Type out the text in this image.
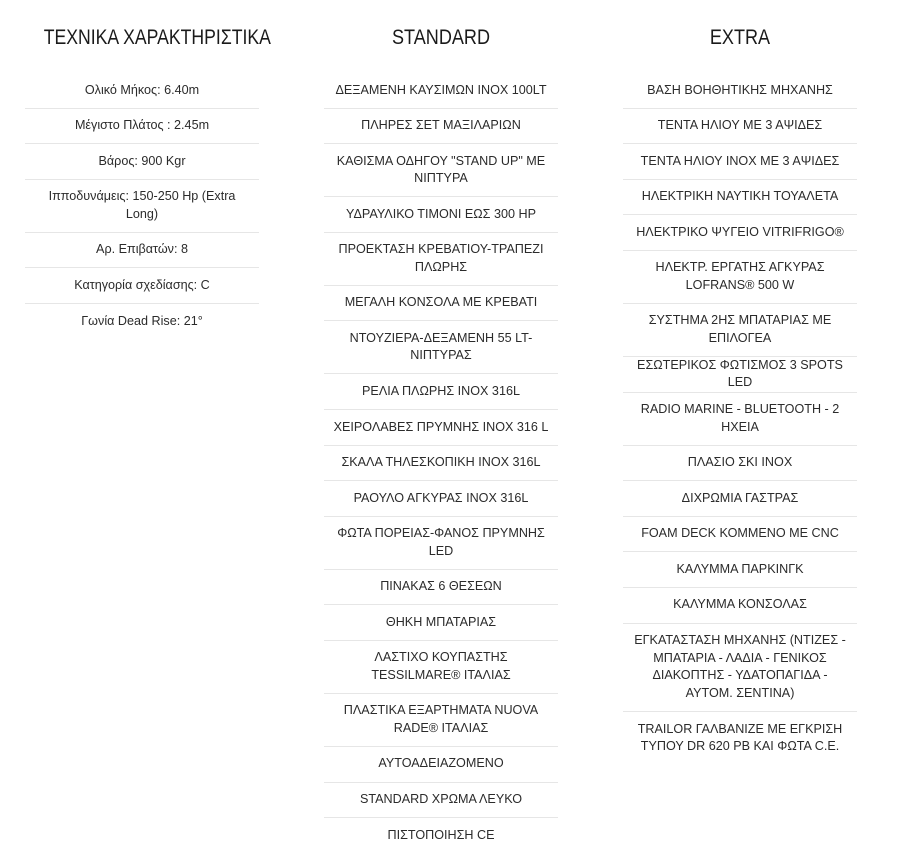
ΤΕΧΝΙΚΑ ΧΑΡΑΚΤΗΡΙΣΤΙΚΑ
Ολικό Μήκος: 6.40m
Μέγιστο Πλάτος : 2.45m
Βάρος: 900 Kgr
Ιπποδυνάμεις: 150-250 Hp (Extra Long)
Αρ. Επιβατών: 8
Κατηγορία σχεδίασης: C
Γωνία Dead Rise: 21°
STANDARD
ΔΕΞΑΜΕΝΗ ΚΑΥΣΙΜΩΝ INOX 100LT
ΠΛΗΡΕΣ ΣΕΤ ΜΑΞΙΛΑΡΙΩΝ
ΚΑΘΙΣΜΑ ΟΔΗΓΟΥ "STAND UP" ΜΕ ΝΙΠΤΥΡΑ
ΥΔΡΑΥΛΙΚΟ ΤΙΜΟΝΙ ΕΩΣ 300 HP
ΠΡΟΕΚΤΑΣΗ ΚΡΕΒΑΤΙΟΥ-ΤΡΑΠΕΖΙ ΠΛΩΡΗΣ
ΜΕΓΑΛΗ ΚΟΝΣΟΛΑ ΜΕ ΚΡΕΒΑΤΙ
ΝΤΟΥΖΙΕΡΑ-ΔΕΞΑΜΕΝΗ 55 LT- ΝΙΠΤΥΡΑΣ
ΡΕΛΙΑ ΠΛΩΡΗΣ INOX 316L
ΧΕΙΡΟΛΑΒΕΣ ΠΡΥΜΝΗΣ INOX 316 L
ΣΚΑΛΑ ΤΗΛΕΣΚΟΠΙΚΗ INOX 316L
ΡΑΟΥΛΟ ΑΓΚΥΡΑΣ INOX 316L
ΦΩΤΑ ΠΟΡΕΙΑΣ-ΦΑΝΟΣ ΠΡΥΜΝΗΣ LED
ΠΙΝΑΚΑΣ 6 ΘΕΣΕΩΝ
ΘΗΚΗ ΜΠΑΤΑΡΙΑΣ
ΛΑΣΤΙΧΟ ΚΟΥΠΑΣΤΗΣ TESSILMARE® ΙΤΑΛΙΑΣ
ΠΛΑΣΤΙΚΑ ΕΞΑΡΤΗΜΑΤΑ NUOVA RADE® ΙΤΑΛΙΑΣ
ΑΥΤΟΑΔΕΙΑΖΟΜΕΝΟ
STANDARD ΧΡΩΜΑ ΛΕΥΚΟ
ΠΙΣΤΟΠΟΙΗΣΗ CE
EXTRA
ΒΑΣΗ ΒΟΗΘΗΤΙΚΗΣ ΜΗΧΑΝΗΣ
ΤΕΝΤΑ ΗΛΙΟΥ ΜΕ 3 ΑΨΙΔΕΣ
ΤΕΝΤΑ ΗΛΙΟΥ INOX ΜΕ 3 ΑΨΙΔΕΣ
ΗΛΕΚΤΡΙΚΗ ΝΑΥΤΙΚΗ ΤΟΥΑΛΕΤΑ
ΗΛΕΚΤΡΙΚΟ ΨΥΓΕΙΟ VITRIFRIGO®
ΗΛΕΚΤΡ. ΕΡΓΑΤΗΣ ΑΓΚΥΡΑΣ LOFRANS® 500 W
ΣΥΣΤΗΜΑ 2ΗΣ ΜΠΑΤΑΡΙΑΣ ΜΕ ΕΠΙΛΟΓΕΑ
ΕΣΩΤΕΡΙΚΟΣ ΦΩΤΙΣΜΟΣ 3 SPOTS LED
RADIO MARINE - BLUETOOTH - 2 ΗΧΕΙΑ
ΠΛΑΣΙΟ ΣΚΙ INOX
ΔΙΧΡΩΜΙΑ ΓΑΣΤΡΑΣ
FOAM DECK ΚΟΜΜΕΝΟ ΜΕ CNC
ΚΑΛΥΜΜΑ ΠΑΡΚΙΝΓΚ
ΚΑΛΥΜΜΑ ΚΟΝΣΟΛΑΣ
ΕΓΚΑΤΑΣΤΑΣΗ ΜΗΧΑΝΗΣ (ΝΤΙΖΕΣ - ΜΠΑΤΑΡΙΑ - ΛΑΔΙΑ - ΓΕΝΙΚΟΣ ΔΙΑΚΟΠΤΗΣ - ΥΔΑΤΟΠΑΓΙΔΑ - ΑΥΤΟΜ. ΣΕΝΤΙΝΑ)
TRAILOR ΓΑΛΒΑΝΙΖΕ ΜΕ ΕΓΚΡΙΣΗ ΤΥΠΟΥ DR 620 PB ΚΑΙ ΦΩΤΑ C.E.
